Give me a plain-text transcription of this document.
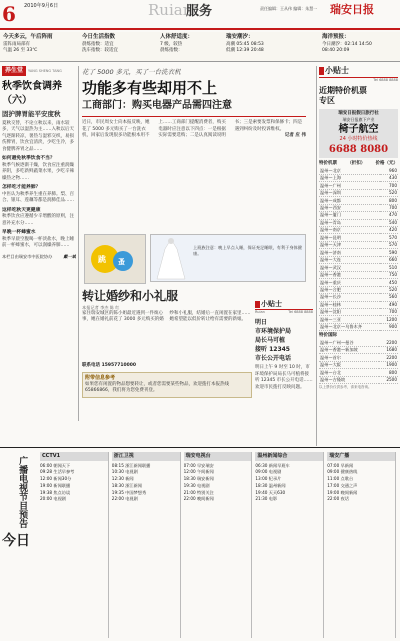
6 2010年9月6日	Ruian
服务	责任编辑：王从伟 编辑：朱慧一 瑞安日报
今天多云，午后阵雨
雷阵雨局部有
气温 26 至 33℃
今日生活指数
晨练指数：适宜
洗车指数：较适宜
人体舒适度：
7 级，较热
晨练指数：
瑞安潮汐：
高潮 05:45 08:53
低潮 12:39 20:48
海洋预报：
今日潮汐：02:14 14:50
08:40 20:09
养生堂	YANG SHENG TANG
秋季饮食调养（六）
固护脾胃能平安度秋
夏秋交替，不论立秋以来，雨水较多，天气以湿热为主……入秋以后天气逐渐转凉，暑热与湿邪交织，易损伤脾胃，饮食宜清淡，少吃生冷，多食健脾养胃之品……
如何避免秋季饮食不当？
秋季气候逐渐干燥，饮食应注重润燥养阴，多吃新鲜蔬菜水果，少吃辛辣燥热之物……
怎样吃才能养肺？
中医认为秋季养生重在养肺。梨、百合、银耳、莲藕等都是润肺佳品……
这样吃秋天更健康
秋季饮食应遵循少辛增酸的原则，注意补充水分……
早晚一杯蜂蜜水
秋季早晨空腹喝一杯淡盐水，晚上睡前一杯蜂蜜水，可以润燥养肺……
本栏目由瑞安市中医院协办	戴一斌
花了 5000 多元，买了一台洗衣机
功能多有些却用不上
工商部门：购买电器产品需四注意
近日，市民周女士向本报反映，她花了 5000 多元购买了一台洗衣机，回家后发现很多功能根本用不上……工商部门提醒消费者，购买电器时应注意以下四点：一是根据实际需要选购；二是认真阅读说明书；三是索要发票和保修卡；四是遇到纠纷及时投诉维权。

记者 应 伟
跳 蚤
上班族注意：晚上早点入睡，保证充足睡眠，有利于身体健康。
转让婚纱和小礼服
本报记者 李杰 陈 红
家住瑞安城区的陈小姐最近遇到一件烦心事，她在婚礼前花了 3000 多元购买的婚纱和小礼服，结婚后一直闲置在家里……她希望能以低价转让给有需要的新娘。
联系电话 15957710000
附带信息参考
如果您有闲置的物品想要转让，或者您需要某些物品，欢迎拨打本报热线 65866866，我们将为您免费刊登。
小贴士
Ruian	Tel 6888 8888
明日
市环境保护局
局长马可植
接听 12345
市长公开电话
明日上午 9 时至 10 时，市环境保护局局长马可植将接听 12345 市长公开电话……欢迎市民拨打反映问题。
小贴士
Tel 6888 8888
近期特价机票
专区
瑞安日报假日旅行社
瑞安日报旗下产业
椅子航空
24 小时特价热线
6688 8080
特价机票 （折扣） 价格（元）
温州—北京	960
温州—上海	430
温州—广州	700
温州—深圳	520
温州—成都	800
温州—西安	700
温州—厦门	470
温州—青岛	540
温州—南京	420
温州—昆明	570
温州—天津	570
温州—济南	590
温州—大连	660
温州—武汉	510
温州—香港	750
温州—重庆	450
温州—合肥	520
温州—长沙	560
温州—桂林	490
温州—沈阳	700
温州—三亚	1200
温州—北京—乌鲁木齐	900
特价国际
温州—广州—曼谷	2200
温州—香港—新加坡	1680
温州—首尔	2200
温州—大阪	1900
温州—台北	800
温州—吉隆坡	2500
以上票价仅供参考，请来电咨询。
今日
广播电视节目预告	CCTV1
06:00 朝闻天下
09:28 生活早参考
12:00 新闻30分
19:00 新闻联播
19:38 焦点访谈
20:00 电视剧
浙江卫视
08:15 浙江新闻联播
10:30 电视剧
12:30 新闻
18:30 浙江新闻
19:35 中国梦想秀
22:00 电视剧
瑞安电视台
07:00 早安瑞安
12:00 午间新闻
18:30 瑞安新闻
19:30 电视剧
21:00 特别关注
22:00 晚间新闻
温州新闻综合
06:30 新闻早班车
09:00 电视剧
13:00 纪录片
18:30 温州新闻
19:40 天天630
21:30 电影
瑞安广播
07:00 早新闻
09:00 健康热线
11:00 点歌台
17:00 交通之声
19:00 晚间新闻
22:00 夜话
